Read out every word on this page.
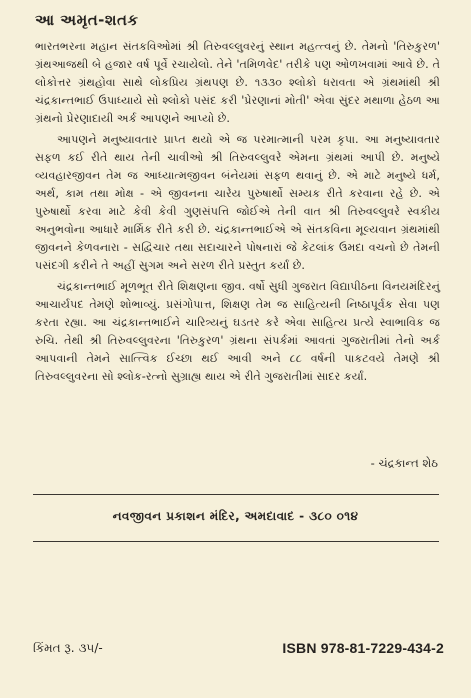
આ અમૃત-શતક

ભારતભરના મહાન સંતકવિઓમાં શ્રી તિરુવલ્લુવરનું સ્થાન મહત્ત્વનું છે. તેમનો 'તિરુકુરળ' ગ્રંથઆજથી બે હજાર વર્ષ પૂર્વે રચાયેલો. તેને 'તમિળવેદ' તરીકે પણ ઓળખવામાં આવે છે. તે લોકોત્તર ગ્રંથહોવા સાથે લોકપ્રિય ગ્રંથપણ છે. ૧૩૩૦ શ્લોકો ધરાવતા એ ગ્રંથમાંથી શ્રી ચંદ્રકાન્તભાઈ ઉપાધ્યાયે સો શ્લોકો પસંદ કરી 'પ્રેરણાનાં મોતી' એવા સુંદર મથાળા હેઠળ આ ગ્રંથનો પ્રેરણાદાયી અર્ક આપણને આપ્યો છે.

આપણને મનુષ્યાવતાર પ્રાપ્ત થયો એ જ પરમાત્માની પરમ કૃપા. આ મનુષ્યાવતાર સફળ કઈ રીતે થાય તેની ચાવીઓ શ્રી તિરુવલ્લુવરે એમના ગ્રંથમાં આપી છે. મનુષ્યે વ્યવહારજીવન તેમ જ આધ્યાત્મજીવન બંનેયમાં સફળ થવાનું છે. એ માટે મનુષ્યે ધર્મ, અર્થ, કામ તથા મોક્ષ - એ જીવનના ચારેય પુરુષાર્થો સમ્યક રીતે કરવાના રહે છે. એ પુરુષાર્થો કરવા માટે કેવી કેવી ગુણસંપત્તિ જોઈએ તેની વાત શ્રી તિરુવલ્લુવરે સ્વકીય અનુભવોના આધારે માર્મિક રીતે કરી છે. ચંદ્રકાન્તભાઈએ એ સંતકવિના મૂલ્યવાન ગ્રંથમાંથી જીવનને કેળવનારા - સદ્વિચાર તથા સદાચારને પોષનારાં જે કેટલાંક ઉમદા વચનો છે તેમની પસંદગી કરીને તે અહીં સુગમ અને સરળ રીતે પ્રસ્તુત કર્યાં છે.

ચંદ્રકાન્તભાઈ મૂળભૂત રીતે શિક્ષણના જીવ. વર્ષો સુધી ગુજરાત વિદ્યાપીઠના વિનયમંદિરનું આચાર્યપદ તેમણે શોભાવ્યું. પ્રસંગોપાત્ત, શિક્ષણ તેમ જ સાહિત્યની નિષ્ઠાપૂર્વક સેવા પણ કરતા રહ્યા. આ ચંદ્રકાન્તભાઈને ચારિત્ર્યનું ઘડતર કરે એવા સાહિત્ય પ્રત્યે સ્વાભાવિક જ રુચિ. તેથી શ્રી તિરુવલ્લુવરના 'તિરુકુરળ' ગ્રંથના સંપર્કમાં આવતાં ગુજરાતીમાં તેનો અર્ક આપવાની તેમને સાત્ત્વિક ઈચ્છા થઈ આવી અને ૮૮ વર્ષની પાકટવયે તેમણે શ્રી તિરુવલ્લુવરના સો શ્લોક-રત્નો સુગ્રાહ્ય થાય એ રીતે ગુજરાતીમાં સાદર કર્યાં.

- ચંદ્રકાન્ત શેઠ
નવજીવન પ્રકાશન મંદિર, અમદાવાદ - ૩૮૦ ૦૧૪
કિંમત રૂ. ૩૫/-	ISBN 978-81-7229-434-2
